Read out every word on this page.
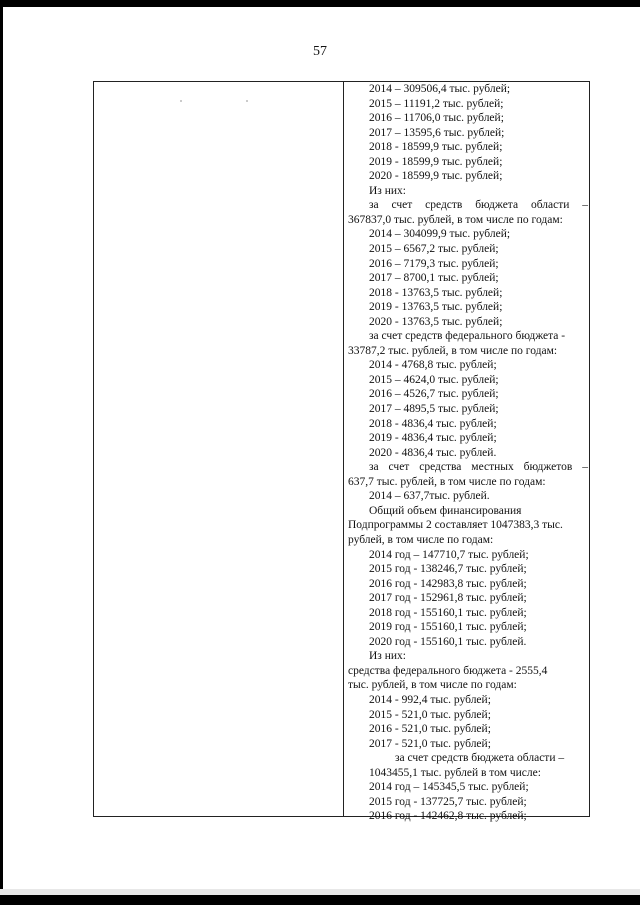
57
2014 – 309506,4 тыс. рублей;
2015 – 11191,2 тыс. рублей;
2016 – 11706,0 тыс. рублей;
2017 – 13595,6 тыс. рублей;
2018 - 18599,9 тыс. рублей;
2019 - 18599,9 тыс. рублей;
2020 - 18599,9 тыс. рублей;
Из них:
за счет средств бюджета области –
367837,0 тыс. рублей, в том числе по годам:
2014 – 304099,9 тыс. рублей;
2015 – 6567,2 тыс. рублей;
2016 – 7179,3 тыс. рублей;
2017 – 8700,1 тыс. рублей;
2018 - 13763,5 тыс. рублей;
2019 - 13763,5 тыс. рублей;
2020 - 13763,5 тыс. рублей;
за счет средств федерального бюджета -
33787,2 тыс. рублей, в том числе по годам:
2014 - 4768,8 тыс. рублей;
2015 – 4624,0 тыс. рублей;
2016 – 4526,7 тыс. рублей;
2017 – 4895,5 тыс. рублей;
2018 - 4836,4 тыс. рублей;
2019 - 4836,4 тыс. рублей;
2020 - 4836,4 тыс. рублей.
за счет средства местных бюджетов –
637,7 тыс. рублей, в том числе по годам:
2014 – 637,7тыс. рублей.
Общий объем финансирования
Подпрограммы 2 составляет 1047383,3 тыс.
рублей, в том числе по годам:
2014 год – 147710,7 тыс. рублей;
2015 год - 138246,7 тыс. рублей;
2016 год - 142983,8 тыс. рублей;
2017 год - 152961,8 тыс. рублей;
2018 год - 155160,1 тыс. рублей;
2019 год - 155160,1 тыс. рублей;
2020 год - 155160,1 тыс. рублей.
Из них:
средства федерального бюджета - 2555,4
тыс. рублей, в том числе по годам:
2014 - 992,4 тыс. рублей;
2015 - 521,0 тыс. рублей;
2016 - 521,0 тыс. рублей;
2017 - 521,0 тыс. рублей;
за счет средств бюджета области –
1043455,1 тыс. рублей в том числе:
2014 год – 145345,5 тыс. рублей;
2015 год - 137725,7 тыс. рублей;
2016 год - 142462,8 тыс. рублей;
